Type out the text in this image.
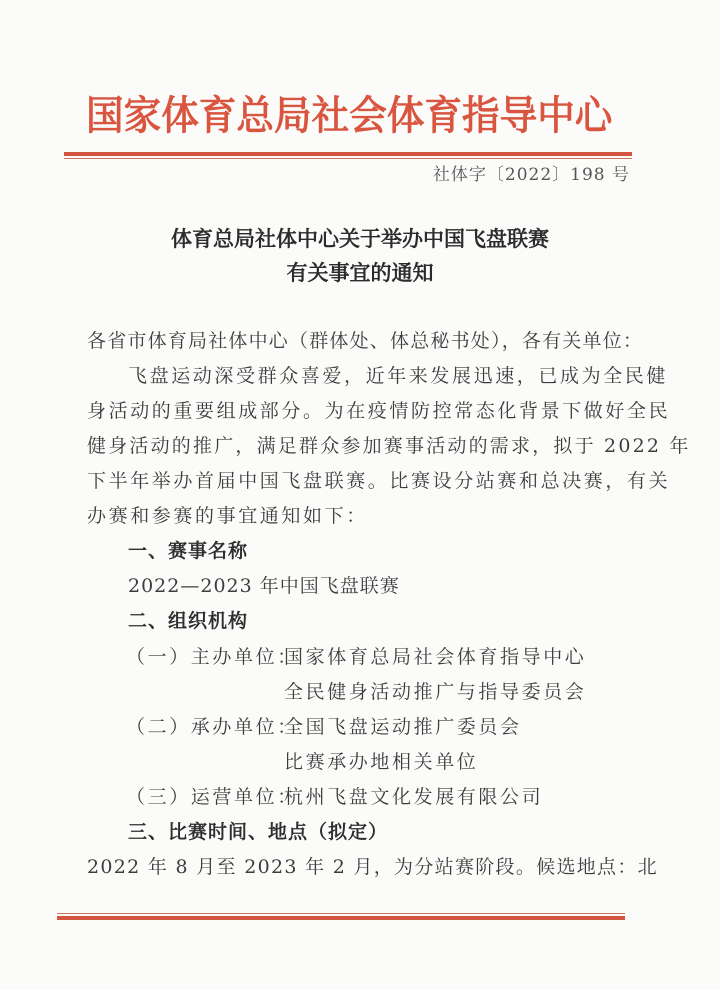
国家体育总局社会体育指导中心
社体字〔2022〕198 号
体育总局社体中心关于举办中国飞盘联赛
有关事宜的通知
各省市体育局社体中心（群体处、体总秘书处），各有关单位：
飞盘运动深受群众喜爱，近年来发展迅速，已成为全民健
身活动的重要组成部分。为在疫情防控常态化背景下做好全民
健身活动的推广，满足群众参加赛事活动的需求，拟于 2022 年
下半年举办首届中国飞盘联赛。比赛设分站赛和总决赛，有关
办赛和参赛的事宜通知如下：
一、赛事名称
2022—2023 年中国飞盘联赛
二、组织机构
（一）主办单位：国家体育总局社会体育指导中心
全民健身活动推广与指导委员会
（二）承办单位：全国飞盘运动推广委员会
比赛承办地相关单位
（三）运营单位：杭州飞盘文化发展有限公司
三、比赛时间、地点（拟定）
2022 年 8 月至 2023 年 2 月，为分站赛阶段。候选地点：北
